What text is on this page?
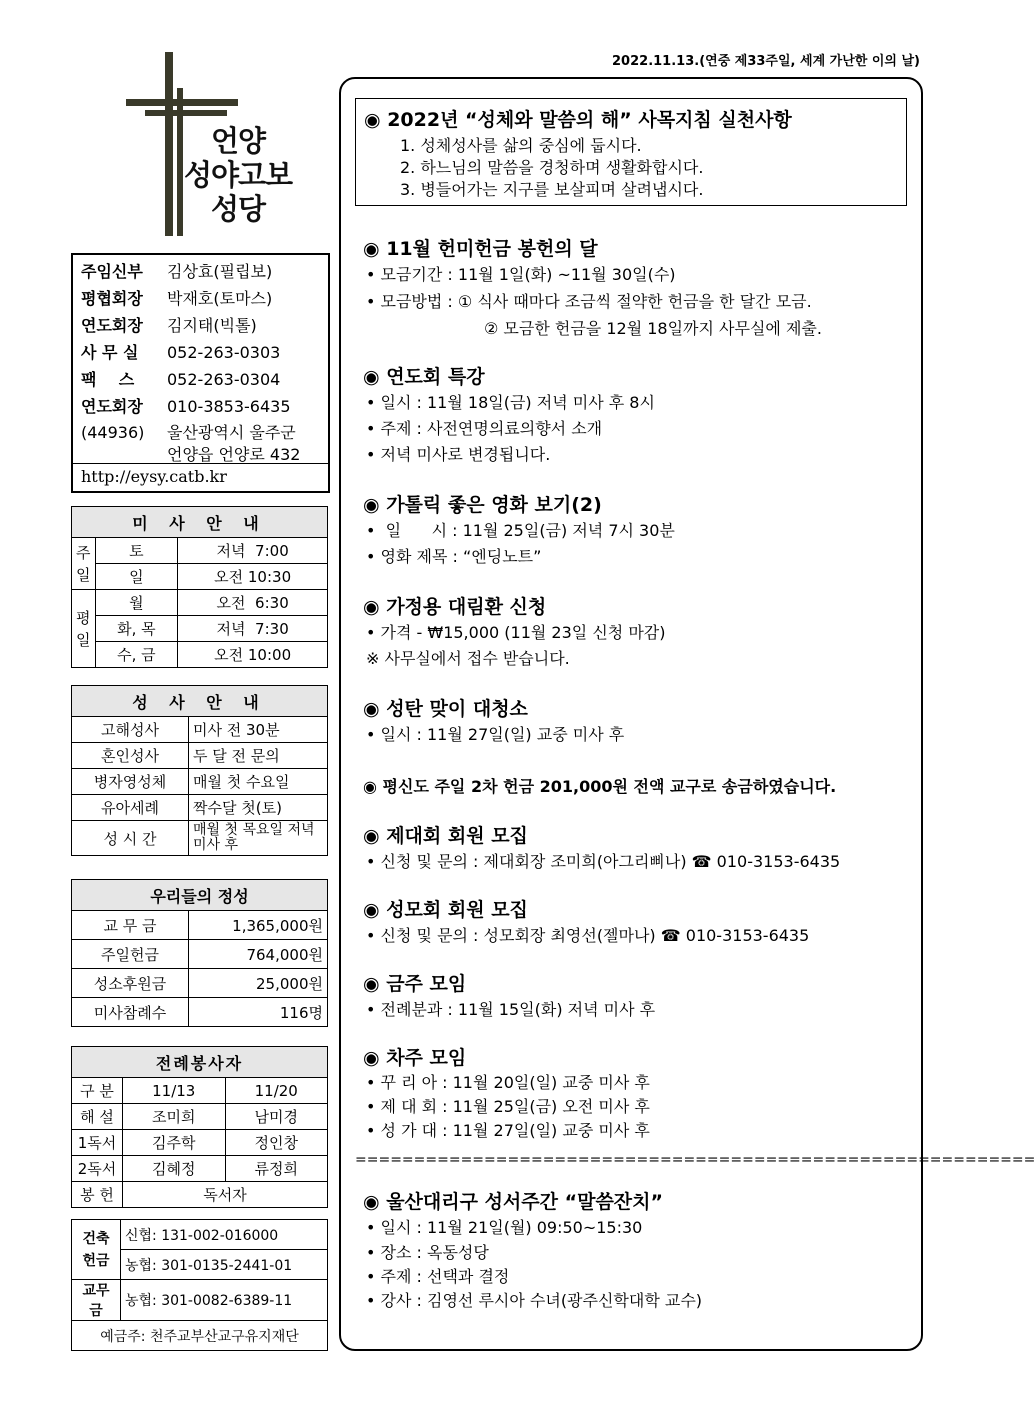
언양
성야고보
성당
2022.11.13.(연중 제33주일, 세계 가난한 이의 날)
주임신부 김상효(필립보)
평협회장 박재호(토마스)
연도회장 김지태(빅톨)
사 무 실 052-263-0303
팩    스 052-263-0304
연도회장 010-3853-6435
(44936) 울산광역시 울주군
언양읍 언양로 432
http://eysy.catb.kr
미 사 안 내		
주일	토	저녁  7:00
	일	오전 10:30
평일	월	오전  6:30
	화, 목	저녁  7:30
	수, 금	오전 10:00
성 사 안 내	
고해성사	미사 전 30분
혼인성사	두 달 전 문의
병자영성체	매월 첫 수요일
유아세례	짝수달 첫(토)
성 시 간	매월 첫 목요일 저녁미사 후
우리들의 정성	
교 무 금	1,365,000원
주일헌금	764,000원
성소후원금	25,000원
미사참례수	116명
전례봉사자		
구 분	11/13	11/20
해 설	조미희	남미경
1독서	김주학	정인창
2독서	김혜정	류정희
봉 헌	독서자	
건축헌금	신협: 131-002-016000
	농협: 301-0135-2441-01
교무금	농협: 301-0082-6389-11
예금주: 천주교부산교구유지재단	
◉ 2022년 “성체와 말씀의 해” 사목지침 실천사항
1. 성체성사를 삶의 중심에 둡시다.
2. 하느님의 말씀을 경청하며 생활화합시다.
3. 병들어가는 지구를 보살피며 살려냅시다.
◉ 11월 헌미헌금 봉헌의 달
• 모금기간 : 11월 1일(화) ~11월 30일(수)
• 모금방법 : ① 식사 때마다 조금씩 절약한 헌금을 한 달간 모금.
② 모금한 헌금을 12월 18일까지 사무실에 제출.
◉ 연도회 특강
• 일시 : 11월 18일(금) 저녁 미사 후 8시
• 주제 : 사전연명의료의향서 소개
• 저녁 미사로 변경됩니다.
◉ 가톨릭 좋은 영화 보기(2)
•  일      시 : 11월 25일(금) 저녁 7시 30분
• 영화 제목 : “엔딩노트”
◉ 가정용 대림환 신청
• 가격 - ₩15,000 (11월 23일 신청 마감)
※ 사무실에서 접수 받습니다.
◉ 성탄 맞이 대청소
• 일시 : 11월 27일(일) 교중 미사 후
◉ 평신도 주일 2차 헌금 201,000원 전액 교구로 송금하였습니다.
◉ 제대회 회원 모집
• 신청 및 문의 : 제대회장 조미희(아그리삐나) ☎ 010-3153-6435
◉ 성모회 회원 모집
• 신청 및 문의 : 성모회장 최영선(젤마나) ☎ 010-3153-6435
◉ 금주 모임
• 전례분과 : 11월 15일(화) 저녁 미사 후
◉ 차주 모임
• 꾸 리 아 : 11월 20일(일) 교중 미사 후
• 제 대 회 : 11월 25일(금) 오전 미사 후
• 성 가 대 : 11월 27일(일) 교중 미사 후
==========================================================
◉ 울산대리구 성서주간 “말씀잔치”
• 일시 : 11월 21일(월) 09:50~15:30
• 장소 : 옥동성당
• 주제 : 선택과 결정
• 강사 : 김영선 루시아 수녀(광주신학대학 교수)
